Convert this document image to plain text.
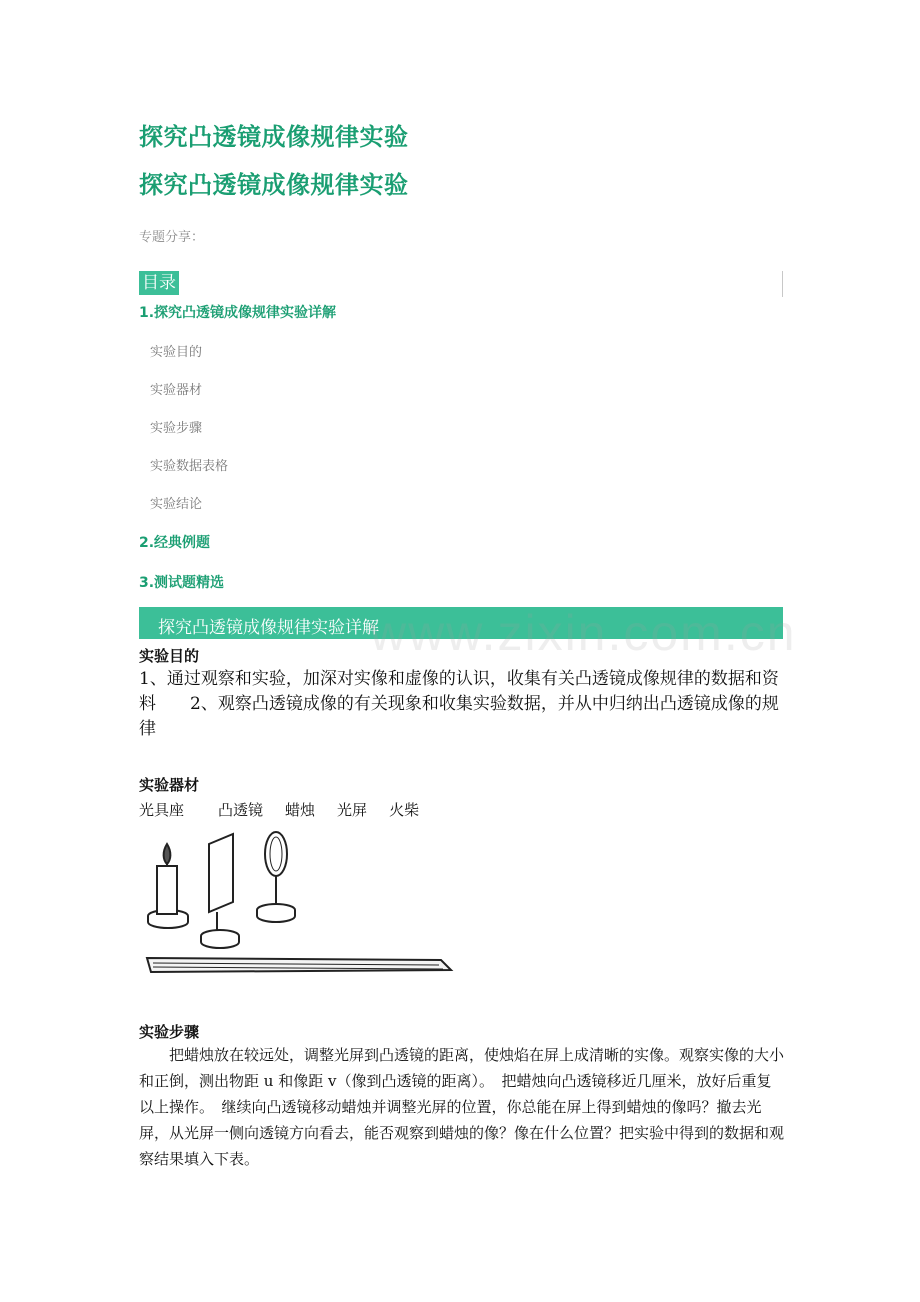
探究凸透镜成像规律实验
探究凸透镜成像规律实验
专题分享：
目录
1.探究凸透镜成像规律实验详解
实验目的
实验器材
实验步骤
实验数据表格
实验结论
2.经典例题
3.测试题精选
探究凸透镜成像规律实验详解
www.zixin.com.cn
实验目的
1、通过观察和实验，加深对实像和虚像的认识，收集有关凸透镜成像规律的数据和资料　　2、观察凸透镜成像的有关现象和收集实验数据，并从中归纳出凸透镜成像的规律
实验器材
光具座 凸透镜 蜡烛 光屏 火柴
实验步骤
　　把蜡烛放在较远处，调整光屏到凸透镜的距离，使烛焰在屏上成清晰的实像。观察实像的大小和正倒，测出物距 u 和像距 v（像到凸透镜的距离）。　把蜡烛向凸透镜移近几厘米，放好后重复以上操作。　继续向凸透镜移动蜡烛并调整光屏的位置，你总能在屏上得到蜡烛的像吗？撤去光屏，从光屏一侧向透镜方向看去，能否观察到蜡烛的像？像在什么位置？把实验中得到的数据和观察结果填入下表。
